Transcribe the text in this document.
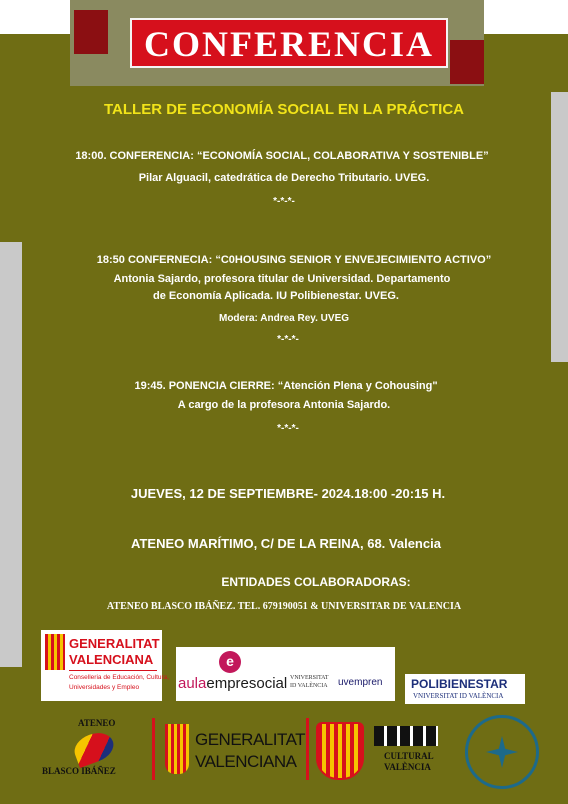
CONFERENCIA
TALLER DE ECONOMÍA SOCIAL EN LA PRÁCTICA
18:00. CONFERENCIA: “ECONOMÍA SOCIAL, COLABORATIVA Y SOSTENIBLE”
Pilar Alguacil, catedrática de Derecho Tributario. UVEG.
*-*-*-
18:50 CONFERNECIA: “C0HOUSING SENIOR Y ENVEJECIMIENTO ACTIVO”
Antonia Sajardo, profesora titular de Universidad. Departamento
de Economía Aplicada. IU Polibienestar. UVEG.
Modera: Andrea Rey. UVEG
*-*-*-
19:45. PONENCIA CIERRE: “Atención Plena y Cohousing"
A cargo de la profesora Antonia Sajardo.
*-*-*-
JUEVES, 12 DE SEPTIEMBRE- 2024.18:00 -20:15 H.
ATENEO MARÍTIMO, C/ DE LA REINA, 68. Valencia
ENTIDADES COLABORADORAS:
ATENEO BLASCO IBÁÑEZ. TEL. 679190051 & UNIVERSITAR DE VALENCIA
GENERALITAT
VALENCIANA
Conselleria de Educación, Cultura,
Universidades y Empleo
e
aulaempresocial VNIVERSITAT
ID VALÈNCIA uvempren POLIBIENESTAR
VNIVERSITAT ID VALÈNCIA
ATENEO
BLASCO IBÁÑEZ
GENERALITAT
VALENCIANA	CULTURAL
VALÈNCIA
